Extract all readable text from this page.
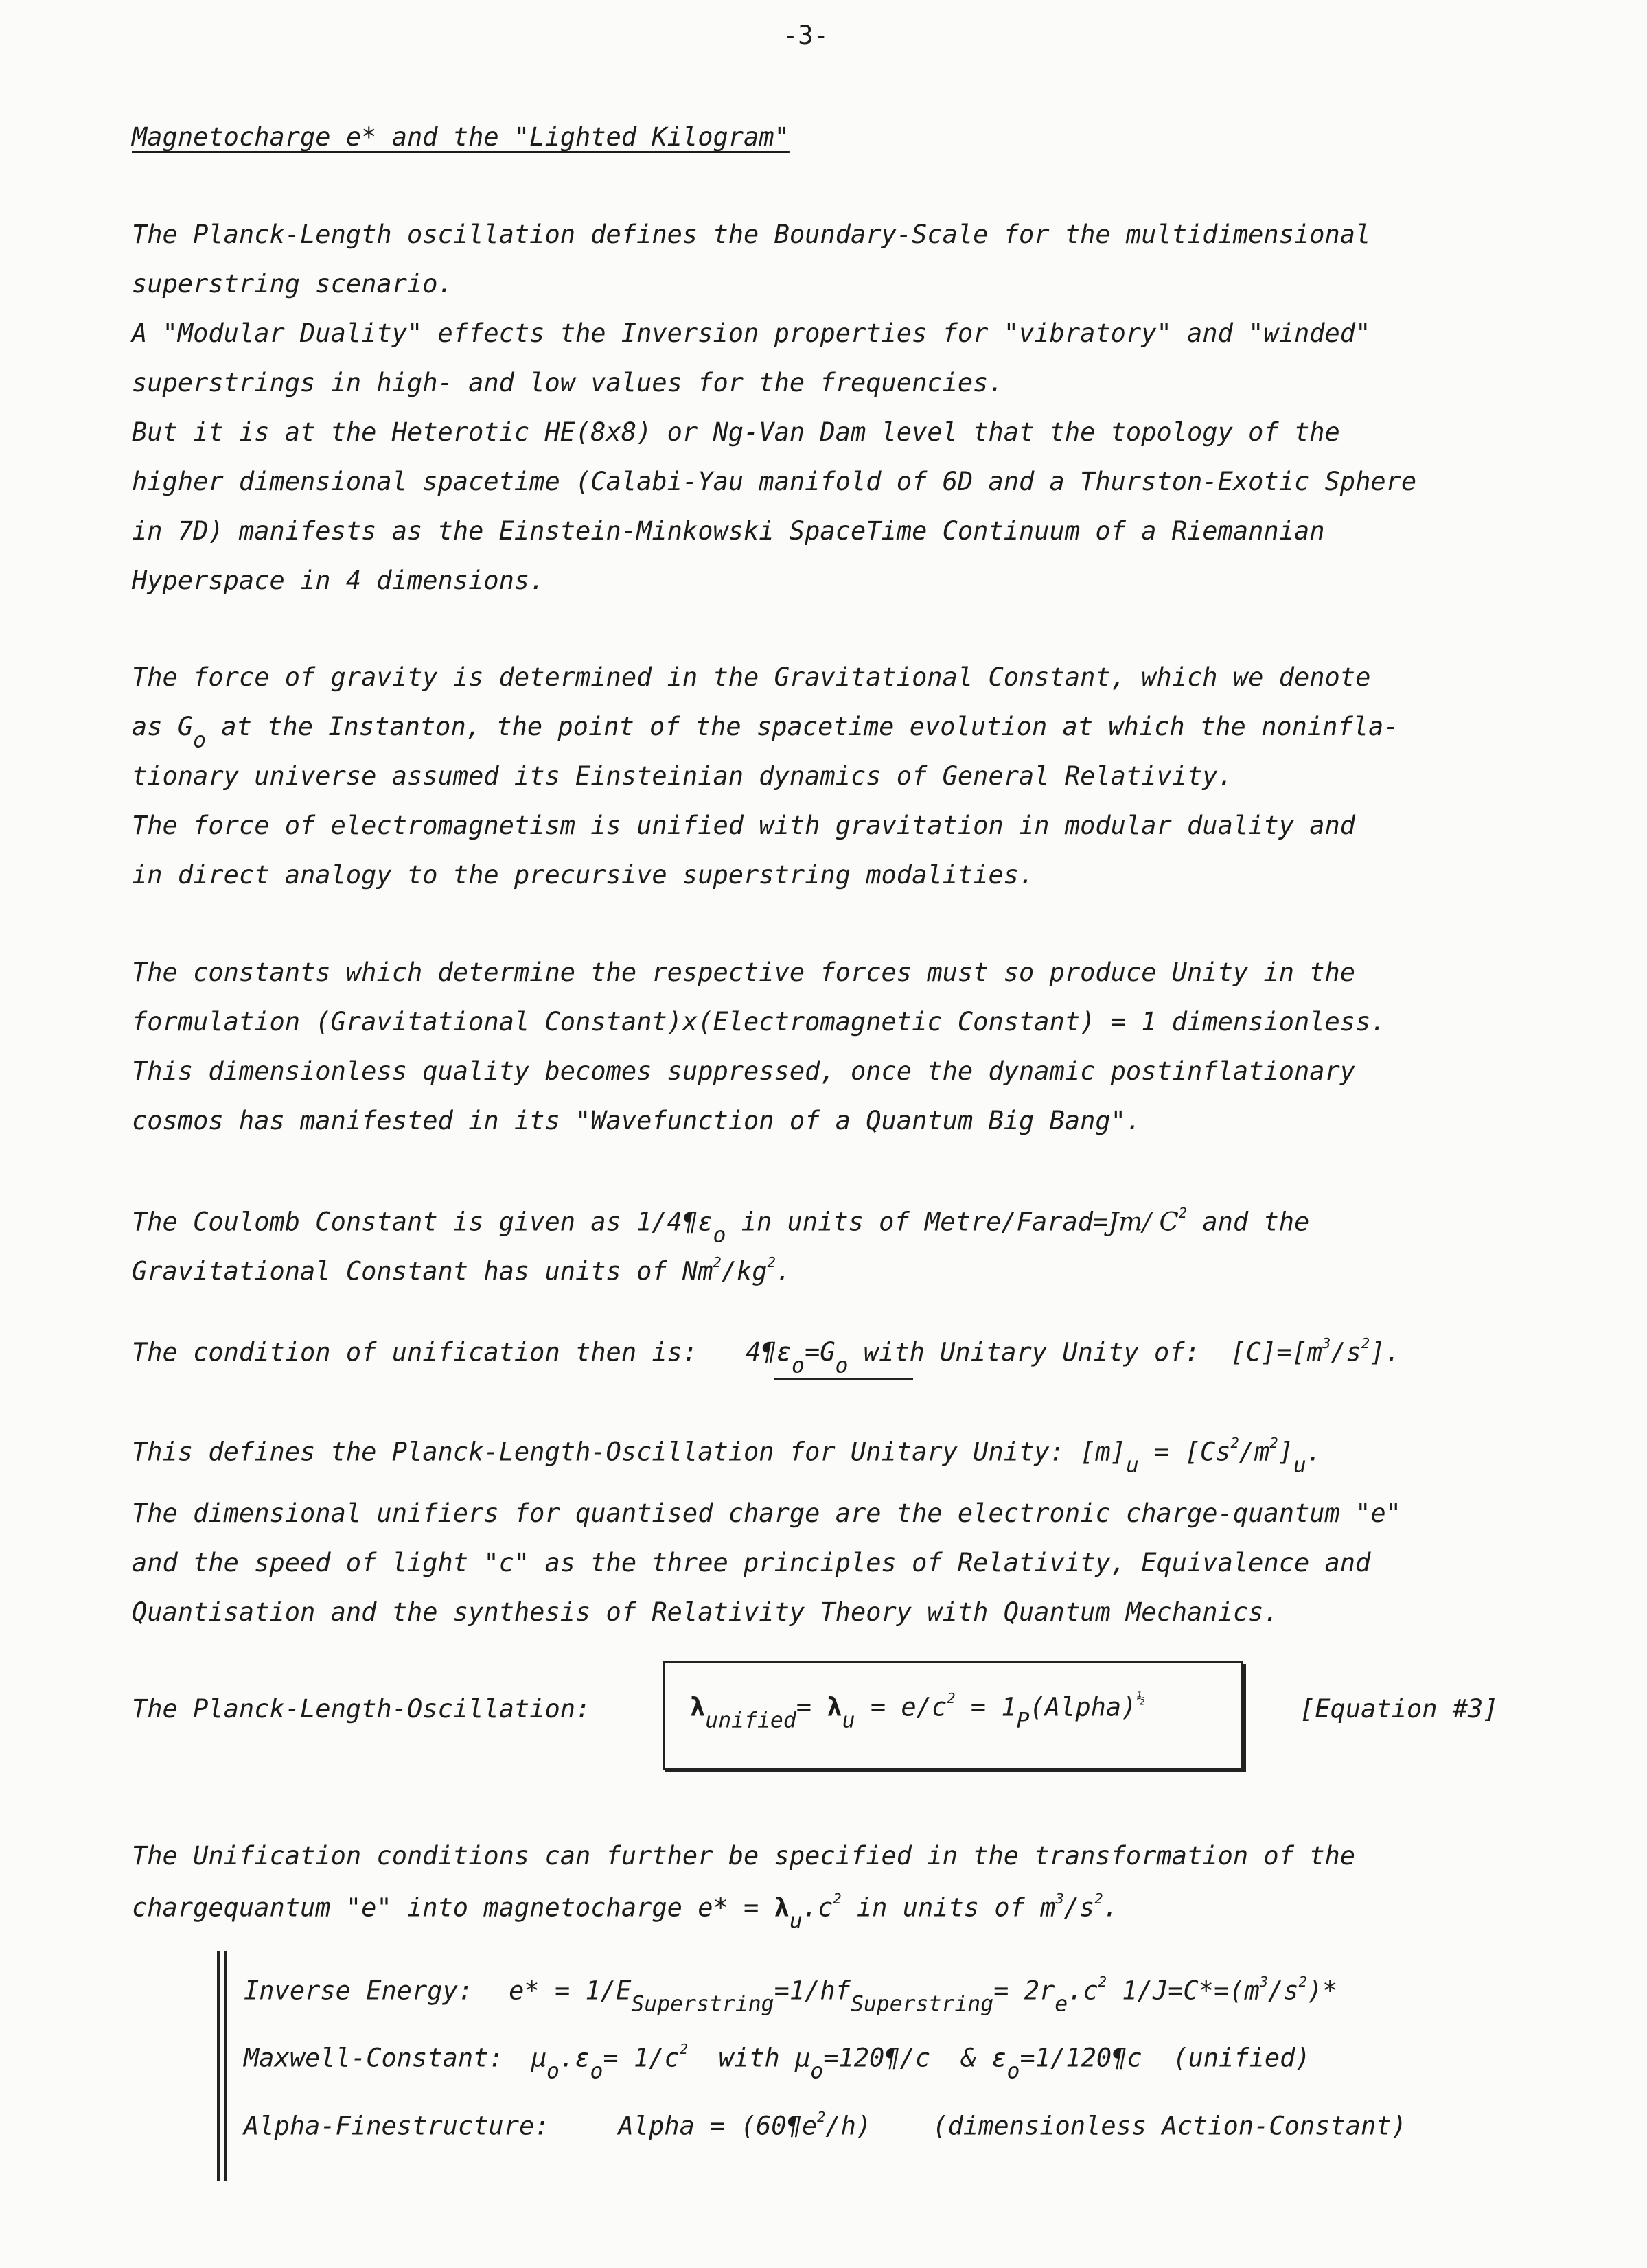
-3-
Magnetocharge e* and the "Lighted Kilogram"
The Planck-Length oscillation defines the Boundary-Scale for the multidimensional
superstring scenario.
A "Modular Duality" effects the Inversion properties for "vibratory" and "winded"
superstrings in high- and low values for the frequencies.
But it is at the Heterotic HE(8x8) or Ng-Van Dam level that the topology of the
higher dimensional spacetime (Calabi-Yau manifold of 6D and a Thurston-Exotic Sphere
in 7D) manifests as the Einstein-Minkowski SpaceTime Continuum of a Riemannian
Hyperspace in 4 dimensions.
The force of gravity is determined in the Gravitational Constant, which we denote
as $G_o$ at the Instanton, the point of the spacetime evolution at which the noninfla-
tionary universe assumed its Einsteinian dynamics of General Relativity.
The force of electromagnetism is unified with gravitation in modular duality and
in direct analogy to the precursive superstring modalities.
The constants which determine the respective forces must so produce Unity in the
formulation (Gravitational Constant)x(Electromagnetic Constant) = 1 dimensionless.
This dimensionless quality becomes suppressed, once the dynamic postinflationary
cosmos has manifested in its "Wavefunction of a Quantum Big Bang".
The Coulomb Constant is given as $1/4\P\varepsilon_o$ in units of Metre/Farad=Jm/ $C^2$ and the
Gravitational Constant has units of $Nm^2/kg^2$.
The condition of unification then is: $4\P\varepsilon_o=G_o$ with Unitary Unity of:  $[C]=[m^3/s^2]$.
This defines the Planck-Length-Oscillation for Unitary Unity: $[m]_u = [Cs^2/m^2]_u$.
The dimensional unifiers for quantised charge are the electronic charge-quantum "e"
and the speed of light "c" as the three principles of Relativity, Equivalence and
Quantisation and the synthesis of Relativity Theory with Quantum Mechanics.
The Planck-Length-Oscillation:	$\lambda_{unified}= \lambda_u = e/c^2$ = $1_P(Alpha)^{\frac{1}{2}}$	[Equation #3]
The Unification conditions can further be specified in the transformation of the
chargequantum "e" into magnetocharge $e* = \lambda_u.c^2$ in units of $m^3/s^2$.
Inverse Energy: $e* = 1/E_{Superstring}=1/hf_{Superstring}= 2r_e.c^2$ $1/J=C*=(m^3/s^2)*$
Maxwell-Constant: $\mu_o.\varepsilon_o= 1/c^2$  with $\mu_o=120\P/c$  & $\varepsilon_o=1/120\P c$  (unified)
Alpha-Finestructure:	Alpha = $(60\P e^2/h)$    (dimensionless Action-Constant)
